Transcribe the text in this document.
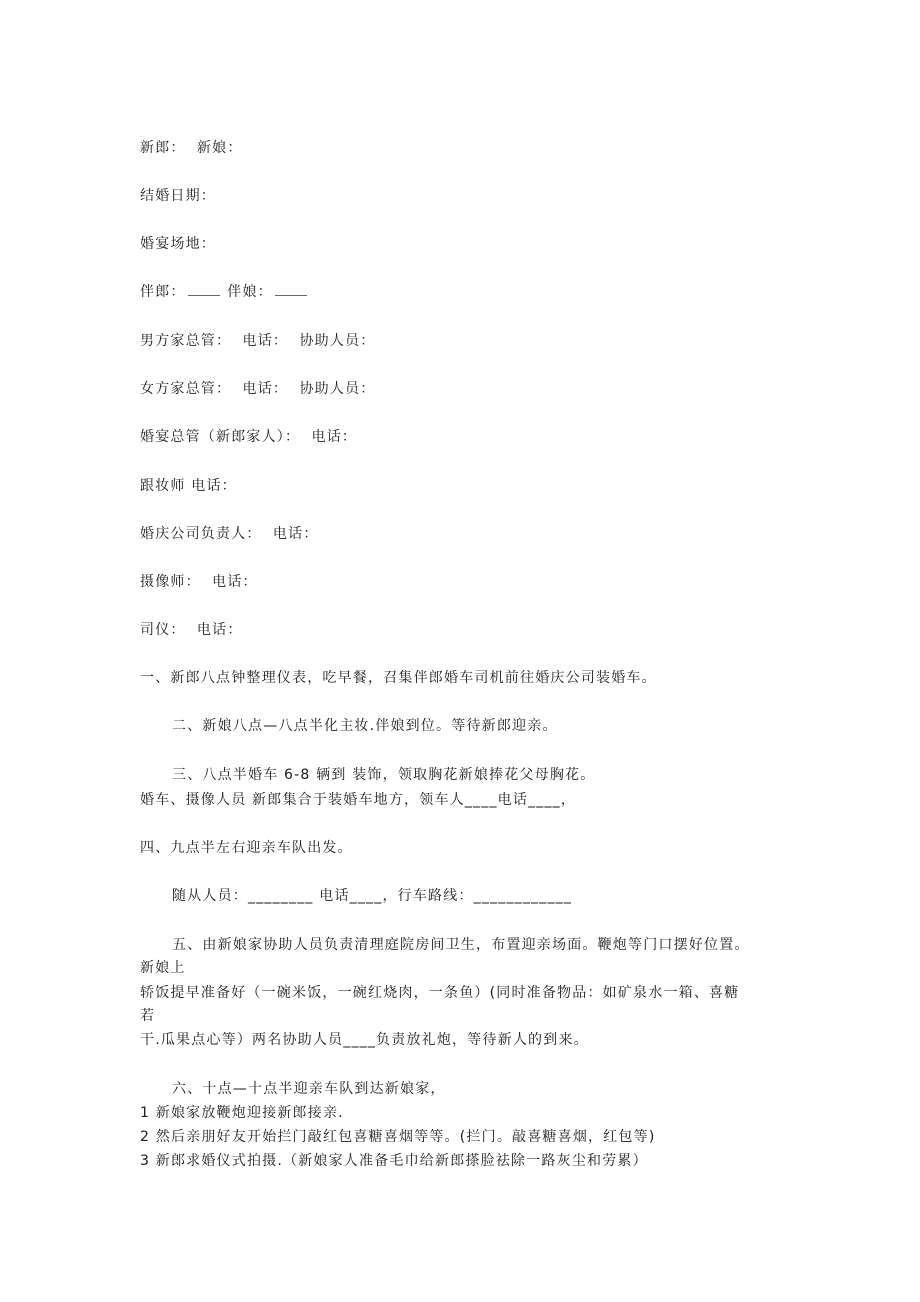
新郎： 新娘：
结婚日期：
婚宴场地：
伴郎：	伴娘：
男方家总管： 电话： 协助人员：
女方家总管： 电话： 协助人员：
婚宴总管（新郎家人）： 电话：
跟妆师 电话：
婚庆公司负责人： 电话：
摄像师： 电话：
司仪： 电话：
一、新郎八点钟整理仪表，吃早餐，召集伴郎婚车司机前往婚庆公司装婚车。
二、新娘八点—八点半化主妆.伴娘到位。等待新郎迎亲。
三、八点半婚车 6-8 辆到 装饰，领取胸花新娘捧花父母胸花。
婚车、摄像人员 新郎集合于装婚车地方，领车人____电话____，
四、九点半左右迎亲车队出发。
随从人员：________ 电话____，行车路线：____________
五、由新娘家协助人员负责清理庭院房间卫生，布置迎亲场面。鞭炮等门口摆好位置。
新娘上
轿饭提早准备好（一碗米饭，一碗红烧肉，一条鱼）(同时准备物品：如矿泉水一箱、喜糖
若
干.瓜果点心等）两名协助人员____负责放礼炮，等待新人的到来。
六、十点—十点半迎亲车队到达新娘家，
1 新娘家放鞭炮迎接新郎接亲.
2 然后亲朋好友开始拦门敲红包喜糖喜烟等等。(拦门。敲喜糖喜烟，红包等)
3 新郎求婚仪式拍摄.（新娘家人准备毛巾给新郎搽脸祛除一路灰尘和劳累）
